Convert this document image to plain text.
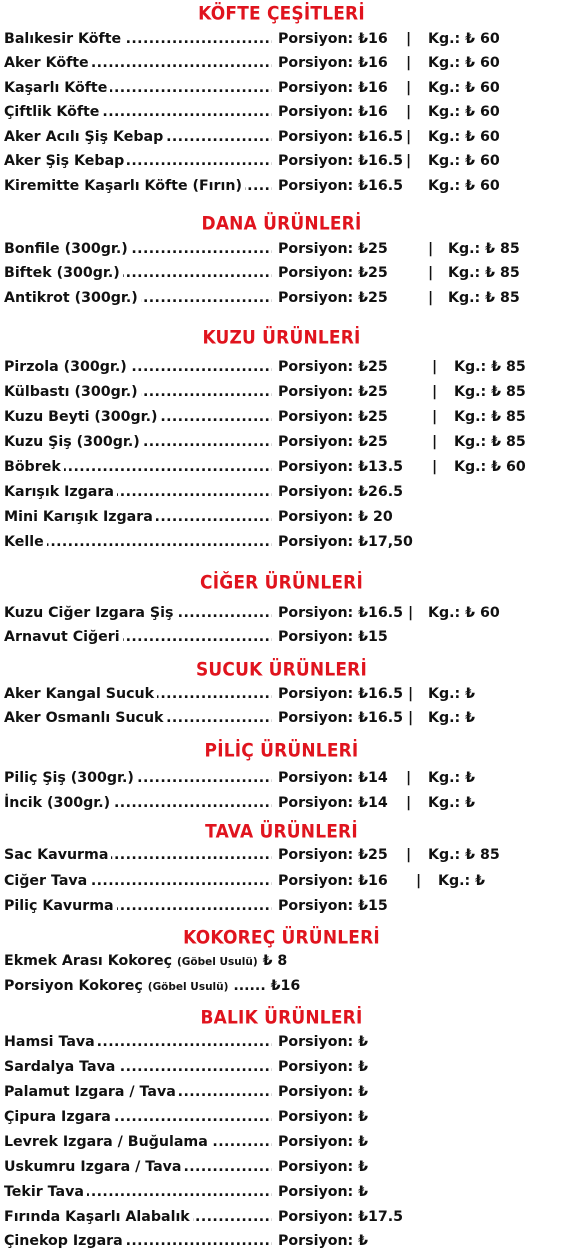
KÖFTE ÇEŞİTLERİ
.....
Balıkesir Köfte	Porsiyon: ₺16 | Kg.: ₺ 60
.....
Aker Köfte	Porsiyon: ₺16 | Kg.: ₺ 60
.....
Kaşarlı Köfte	Porsiyon: ₺16 | Kg.: ₺ 60
.....
Çiftlik Köfte	Porsiyon: ₺16 | Kg.: ₺ 60
.....
Aker Acılı Şiş Kebap	Porsiyon: ₺16.5 | Kg.: ₺ 60
.....
Aker Şiş Kebap	Porsiyon: ₺16.5 | Kg.: ₺ 60
.....
Kiremitte Kaşarlı Köfte (Fırın)	Porsiyon: ₺16.5 Kg.: ₺ 60
DANA ÜRÜNLERİ
.....
Bonfile (300gr.)	Porsiyon: ₺25	| Kg.: ₺ 85
.....
Biftek (300gr.)	Porsiyon: ₺25	| Kg.: ₺ 85
.....
Antikrot (300gr.)	Porsiyon: ₺25	| Kg.: ₺ 85
KUZU ÜRÜNLERİ
.....
Pirzola (300gr.)	Porsiyon: ₺25	| Kg.: ₺ 85
.....
Külbastı (300gr.)	Porsiyon: ₺25	| Kg.: ₺ 85
.....
Kuzu Beyti (300gr.)	Porsiyon: ₺25	| Kg.: ₺ 85
.....
Kuzu Şiş (300gr.)	Porsiyon: ₺25	| Kg.: ₺ 85
.....
Böbrek	Porsiyon: ₺13.5 | Kg.: ₺ 60
.....
Karışık Izgara	Porsiyon: ₺26.5
.....
Mini Karışık Izgara	Porsiyon: ₺ 20
.....
Kelle	Porsiyon: ₺17,50
CİĞER ÜRÜNLERİ
.....
Kuzu Ciğer Izgara Şiş	Porsiyon: ₺16.5 | Kg.: ₺ 60
.....
Arnavut Ciğeri	Porsiyon: ₺15
SUCUK ÜRÜNLERİ
.....
Aker Kangal Sucuk	Porsiyon: ₺16.5 | Kg.: ₺
.....
Aker Osmanlı Sucuk	Porsiyon: ₺16.5 | Kg.: ₺
PİLİÇ ÜRÜNLERİ
.....
Piliç Şiş (300gr.)	Porsiyon: ₺14 | Kg.: ₺
.....
İncik (300gr.)	Porsiyon: ₺14 | Kg.: ₺
TAVA ÜRÜNLERİ
.....
Sac Kavurma	Porsiyon: ₺25 | Kg.: ₺ 85
.....
Ciğer Tava	Porsiyon: ₺16 | Kg.: ₺
.....
Piliç Kavurma	Porsiyon: ₺15
KOKOREÇ ÜRÜNLERİ
Ekmek Arası Kokoreç (Göbel Usulü) ₺ 8
Porsiyon Kokoreç (Göbel Usulü) ...... ₺16
BALIK ÜRÜNLERİ
.....
Hamsi Tava	Porsiyon: ₺
.....
Sardalya Tava	Porsiyon: ₺
.....
Palamut Izgara / Tava	Porsiyon: ₺
.....
Çipura Izgara	Porsiyon: ₺
.....
Levrek Izgara / Buğulama	Porsiyon: ₺
.....
Uskumru Izgara / Tava	Porsiyon: ₺
.....
Tekir Tava	Porsiyon: ₺
.....
Fırında Kaşarlı Alabalık	Porsiyon: ₺17.5
.....
Çinekop Izgara	Porsiyon: ₺
